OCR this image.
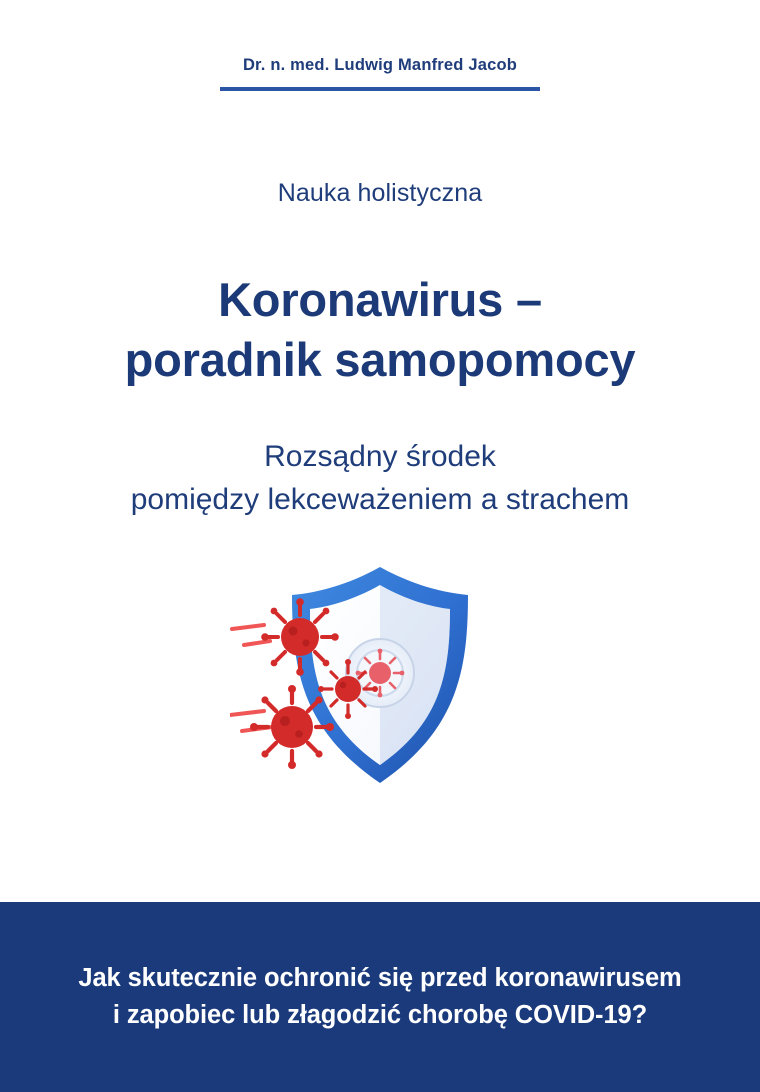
Dr. n. med. Ludwig Manfred Jacob
Nauka holistyczna
Koronawirus –
poradnik samopomocy
Rozsądny środek
pomiędzy lekceważeniem a strachem
Jak skutecznie ochronić się przed koronawirusem
i zapobiec lub złagodzić chorobę COVID-19?
